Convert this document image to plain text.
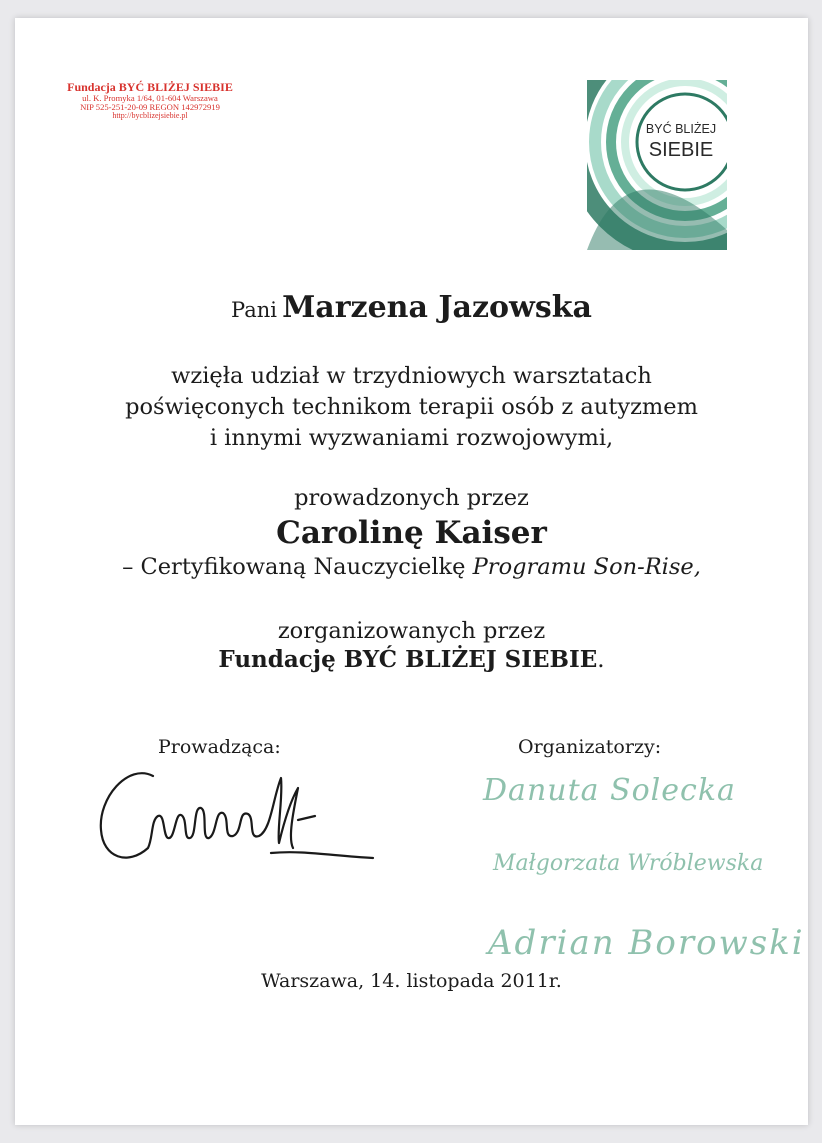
Fundacja BYĆ BLIŻEJ SIEBIE
ul. K. Promyka 1/64, 01-604 Warszawa
NIP 525-251-20-09 REGON 142972919
http://bycblizejsiebie.pl
BYĆ BLIŻEJ
SIEBIE
Pani Marzena Jazowska
wzięła udział w trzydniowych warsztatach
poświęconych technikom terapii osób z autyzmem
i innymi wyzwaniami rozwojowymi,
prowadzonych przez
Carolinę Kaiser
– Certyfikowaną Nauczycielkę Programu Son-Rise,
zorganizowanych przez
Fundację BYĆ BLIŻEJ SIEBIE.
Prowadząca:	Organizatorzy:
Danuta Solecka
Małgorzata Wróblewska
Adrian Borowski
Warszawa, 14. listopada 2011r.
